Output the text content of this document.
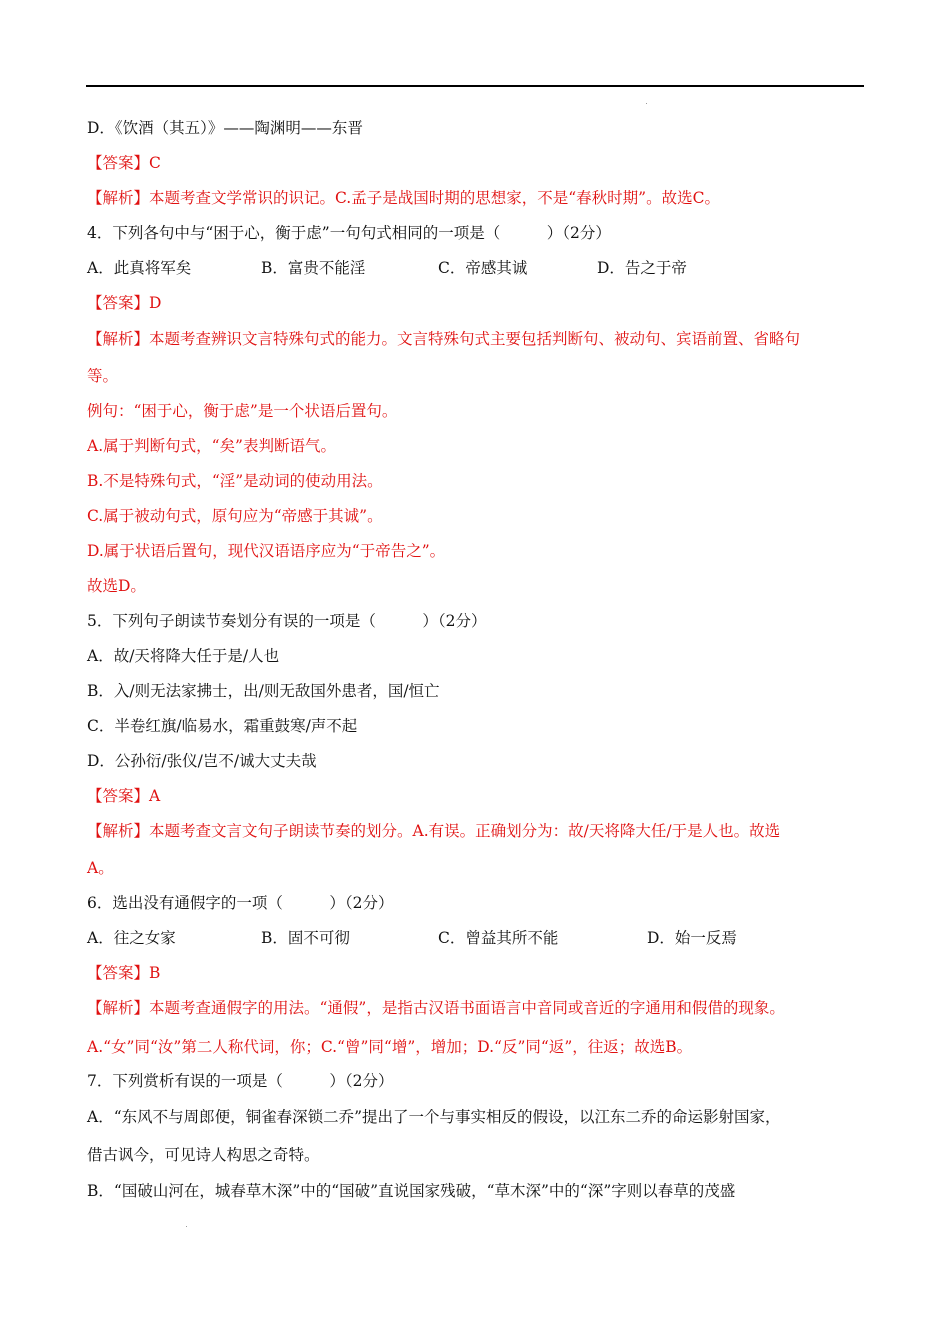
D．《饮酒（其五）》——陶渊明——东晋
【答案】C
【解析】本题考查文学常识的识记。C.孟子是战国时期的思想家，不是“春秋时期”。故选C。
4．下列各句中与“困于心，衡于虑”一句句式相同的一项是（　　　）（2分）
A．此真将军矣	B．富贵不能淫	C．帝感其诚	D．告之于帝
【答案】D
【解析】本题考查辨识文言特殊句式的能力。文言特殊句式主要包括判断句、被动句、宾语前置、省略句
等。
例句：“困于心，衡于虑”是一个状语后置句。
A.属于判断句式，“矣”表判断语气。
B.不是特殊句式，“淫”是动词的使动用法。
C.属于被动句式，原句应为“帝感于其诚”。
D.属于状语后置句，现代汉语语序应为“于帝告之”。
故选D。
5．下列句子朗读节奏划分有误的一项是（　　　）（2分）
A．故/天将降大任于是/人也
B．入/则无法家拂士，出/则无敌国外患者，国/恒亡
C．半卷红旗/临易水，霜重鼓寒/声不起
D．公孙衍/张仪/岂不/诚大丈夫哉
【答案】A
【解析】本题考查文言文句子朗读节奏的划分。A.有误。正确划分为：故/天将降大任/于是人也。故选
A。
6．选出没有通假字的一项（　　　）（2分）
A．往之女家	B．固不可彻	C．曾益其所不能	D．始一反焉
【答案】B
【解析】本题考查通假字的用法。“通假”，是指古汉语书面语言中音同或音近的字通用和假借的现象。
A.“女”同“汝”第二人称代词，你；C.“曾”同“增”，增加；D.“反”同“返”，往返；故选B。
7．下列赏析有误的一项是（　　　）（2分）
A．“东风不与周郎便，铜雀春深锁二乔”提出了一个与事实相反的假设，以江东二乔的命运影射国家，
借古讽今，可见诗人构思之奇特。
B．“国破山河在，城春草木深”中的“国破”直说国家残破，“草木深”中的“深”字则以春草的茂盛
